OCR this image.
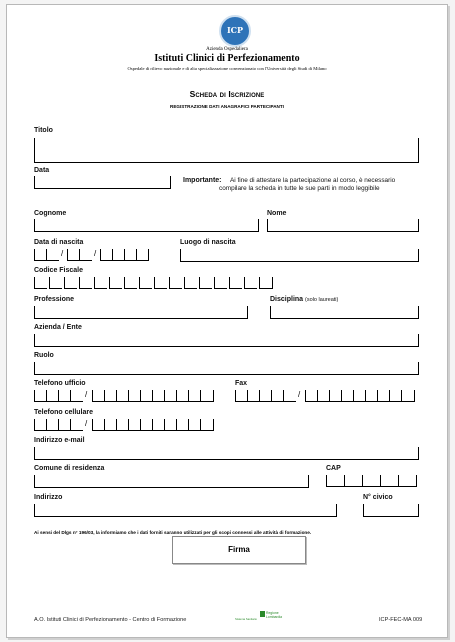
ICP
Azienda Ospedaliera
Istituti Clinici di Perfezionamento
Ospedale di rilievo nazionale e di alta specializzazione convenzionato con l'Università degli Studi di Milano
Scheda di Iscrizione
REGISTRAZIONE DATI ANAGRAFICI PARTECIPANTI
Titolo
Data
Importante: Ai fine di attestare la partecipazione al corso, è necessario
compilare la scheda in tutte le sue parti in modo leggibile
Cognome	Nome
Data di nascita
/	/
Luogo di nascita
Codice Fiscale
Professione	Disciplina (solo laureati)
Azienda / Ente
Ruolo
Telefono ufficio
/
Fax
/
Telefono cellulare
/
Indirizzo e-mail
Comune di residenza	CAP
Indirizzo	N° civico
Ai sensi del Dlgs n° 196/03, la informiamo che i dati forniti saranno utilizzati per gli scopi connessi alle attività di formazione.
Firma
A.O. Istituti Clinici di Perfezionamento - Centro di Formazione	Sistema Sanitario
Regione Lombardia	ICP-FEC-MA 009
